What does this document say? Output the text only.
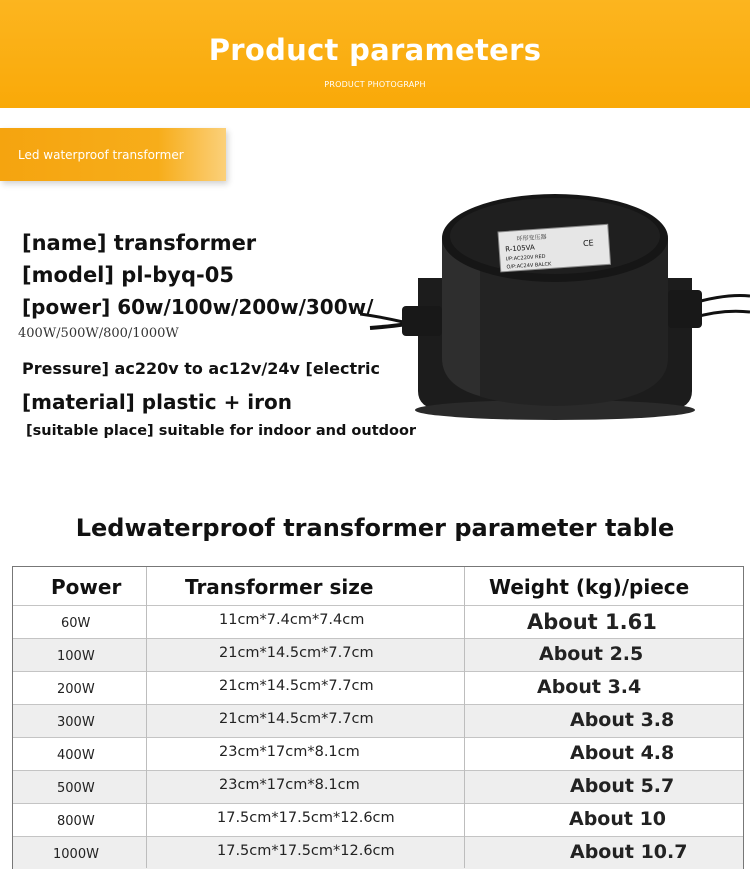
Product parameters
PRODUCT PHOTOGRAPH
Led waterproof transformer
[name] transformer
[model] pl-byq-05
[power] 60w/100w/200w/300w/
400W/500W/800/1000W
Pressure] ac220v to ac12v/24v [electric
[material] plastic + iron
[suitable place] suitable for indoor and outdoor
环形变压器
R-105VA
CE
I/P:AC220V RED
O/P:AC24V BALCK
Ledwaterproof transformer parameter table
Power	Transformer size	Weight (kg)/piece
60W	11cm*7.4cm*7.4cm	About 1.61
100W	21cm*14.5cm*7.7cm	About 2.5
200W	21cm*14.5cm*7.7cm	About 3.4
300W	21cm*14.5cm*7.7cm	About 3.8
400W	23cm*17cm*8.1cm	About 4.8
500W	23cm*17cm*8.1cm	About 5.7
800W	17.5cm*17.5cm*12.6cm	About 10
1000W	17.5cm*17.5cm*12.6cm	About 10.7
